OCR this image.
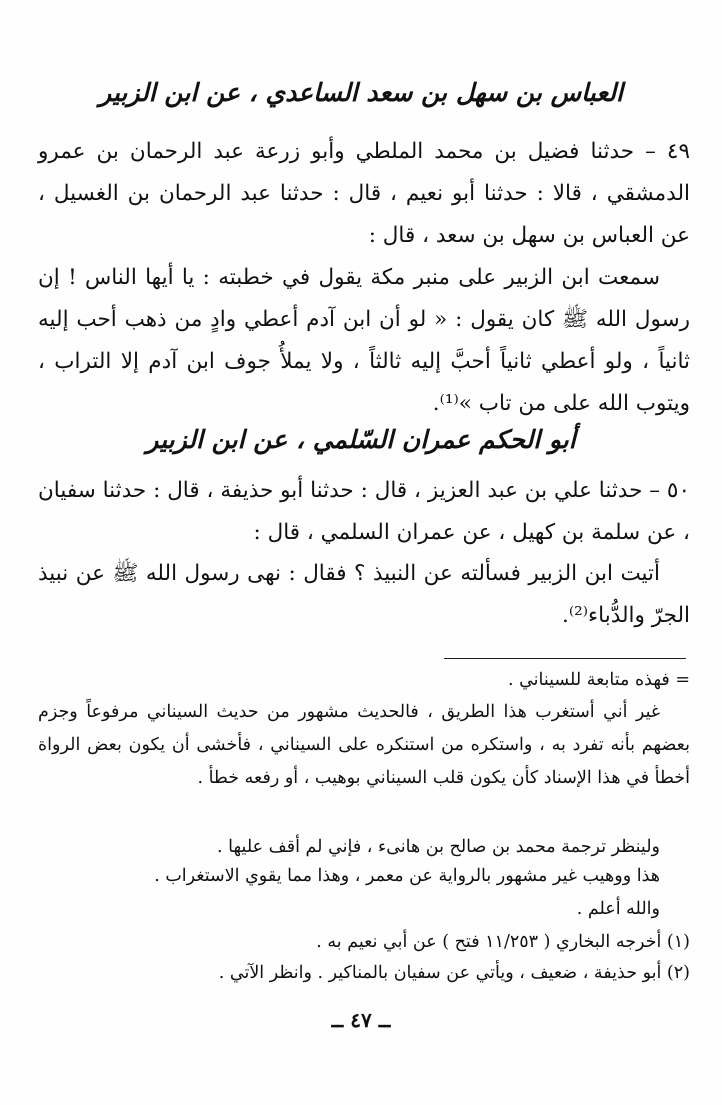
العباس بن سهل بن سعد الساعدي ، عن ابن الزبير

٤٩ – حدثنا فضيل بن محمد الملطي وأبو زرعة عبد الرحمان بن عمرو الدمشقي ، قالا : حدثنا أبو نعيم ، قال : حدثنا عبد الرحمان بن الغسيل ، عن العباس بن سهل بن سعد ، قال :

سمعت ابن الزبير على منبر مكة يقول في خطبته : يا أيها الناس ! إن رسول الله ﷺ كان يقول : « لو أن ابن آدم أعطي وادٍ من ذهب أحب إليه ثانياً ، ولو أعطي ثانياً أحبَّ إليه ثالثاً ، ولا يملأُ جوف ابن آدم إلا التراب ، ويتوب الله على من تاب »⁽¹⁾.

أبو الحكم عمران السّلمي ، عن ابن الزبير

٥٠ – حدثنا علي بن عبد العزيز ، قال : حدثنا أبو حذيفة ، قال : حدثنا سفيان ، عن سلمة بن كهيل ، عن عمران السلمي ، قال :

أتيت ابن الزبير فسألته عن النبيذ ؟ فقال : نهى رسول الله ﷺ عن نبيذ الجرّ والدُّباء⁽²⁾.

= فهذه متابعة للسيناني .

غير أني أستغرب هذا الطريق ، فالحديث مشهور من حديث السيناني مرفوعاً وجزم بعضهم بأنه تفرد به ، واستكره من استنكره على السيناني ، فأخشى أن يكون بعض الرواة أخطأ في هذا الإسناد كأن يكون قلب السيناني بوهيب ، أو رفعه خطأ .

ولينظر ترجمة محمد بن صالح بن هانىء ، فإني لم أقف عليها .

هذا ووهيب غير مشهور بالرواية عن معمر ، وهذا مما يقوي الاستغراب .

والله أعلم .

(١) أخرجه البخاري ( ١١/٢٥٣ فتح ) عن أبي نعيم به .

(٢) أبو حذيفة ، ضعيف ، ويأتي عن سفيان بالمناكير . وانظر الآتي .

ــ ٤٧ ــ
